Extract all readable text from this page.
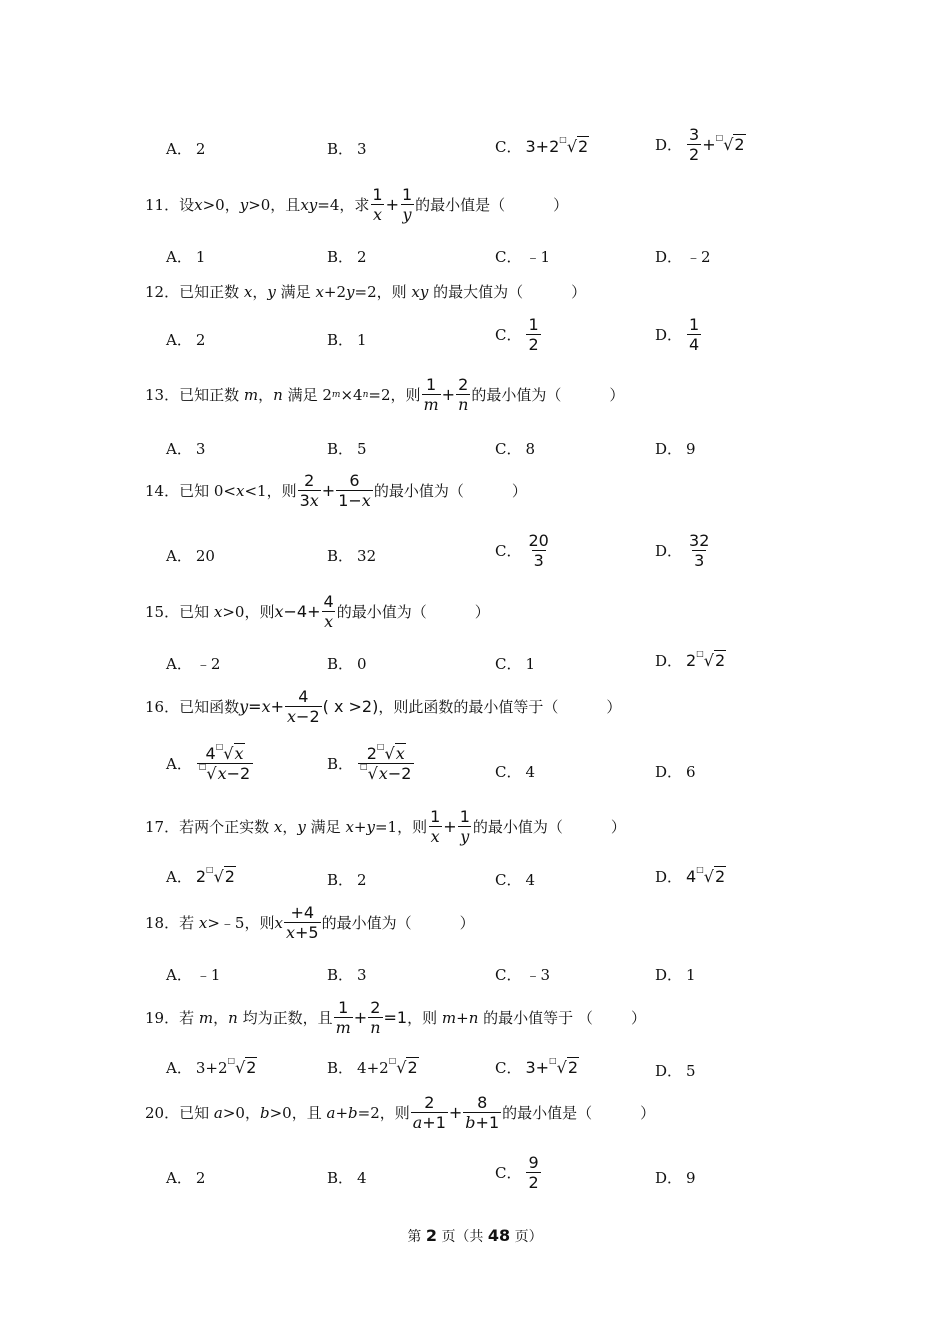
A． 2	B． 3	C． 3+2 □√2	D． $\frac{3}{2} + ^□√2$
11． 设 x >0， y >0，且 xy =4，求 $\frac{1}{x} + \frac{1}{y}$ 的最小值是（	）
A． 1	B． 2	C． ﹣1	D． ﹣2
12． 已知正数
x ， y
满足
x +2 y =2，则
xy
的最大值为（	）
A． 2	B． 1	C． $\frac{1}{2}$	D． $\frac{1}{4}$
13． 已知正数
m ， n
满足 2 m ×4 n =2，则 $\frac{1}{m} + \frac{2}{n}$ 的最小值为（	）
A． 3	B． 5	C． 8	D． 9
14． 已知 0< x <1，则 $\frac{2}{3x} + \frac{6}{1-x}$ 的最小值为（	）
A． 20	B． 32	C． $\frac{20}{3}$	D． $\frac{32}{3}$
15． 已知
x >0，则 $x -4+ \frac{4}{x}$ 的最小值为（	）
A． ﹣2	B． 0	C． 1	D． 2 □√2
16． 已知函数 $y = x + \frac{4}{x-2}$ ( x >2) ，则此函数的最小值等于（	）
A． $\frac{4^□√x}{^□√x-2}$	B． $\frac{2^□√x}{^□√x-2}$	C． 4	D． 6
17． 若两个正实数
x ， y
满足
x + y =1，则 $\frac{1}{x} + \frac{1}{y}$ 的最小值为（	）
A． 2 □√2	B． 2	C． 4	D． 4 □√2
18． 若
x >﹣5，则 x $\frac{+4}{x+5}$ 的最小值为（	）
A． ﹣1	B． 3	C． ﹣3	D． 1
19． 若
m ， n
均为正数，且 $\frac{1}{m} + \frac{2}{n} =1$ ，则
m + n
的最小值等于 （	）
A． 3+2 □√2	B． 4+2 □√2	C． 3+ □√2	D． 5
20． 已知
a >0， b >0，且
a + b =2，则 $\frac{2}{a+1} + \frac{8}{b+1}$ 的最小值是（	）
A． 2	B． 4	C． $\frac{9}{2}$	D． 9
第 2 页（共 48 页）
